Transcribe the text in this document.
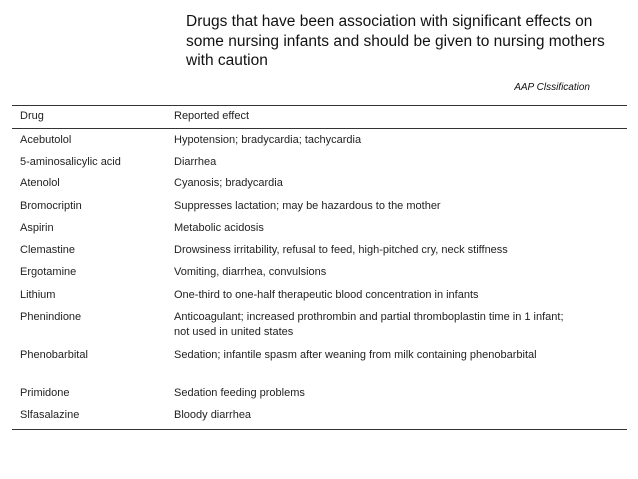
Drugs that have been association with significant effects on
some nursing infants and should be given to nursing mothers
with caution
AAP Clssification
Drug	Reported effect
Acebutolol	Hypotension; bradycardia; tachycardia
5-aminosalicylic acid	Diarrhea
Atenolol	Cyanosis; bradycardia
Bromocriptin	Suppresses lactation; may be hazardous to the mother
Aspirin	Metabolic acidosis
Clemastine	Drowsiness irritability, refusal to feed, high-pitched cry, neck stiffness
Ergotamine	Vomiting, diarrhea, convulsions
Lithium	One-third to one-half therapeutic blood concentration in infants
Phenindione	Anticoagulant; increased prothrombin and partial thromboplastin time in 1 infant;
not used in united states
Phenobarbital	Sedation; infantile spasm after weaning from milk containing phenobarbital
Primidone	Sedation feeding problems
Slfasalazine	Bloody diarrhea
